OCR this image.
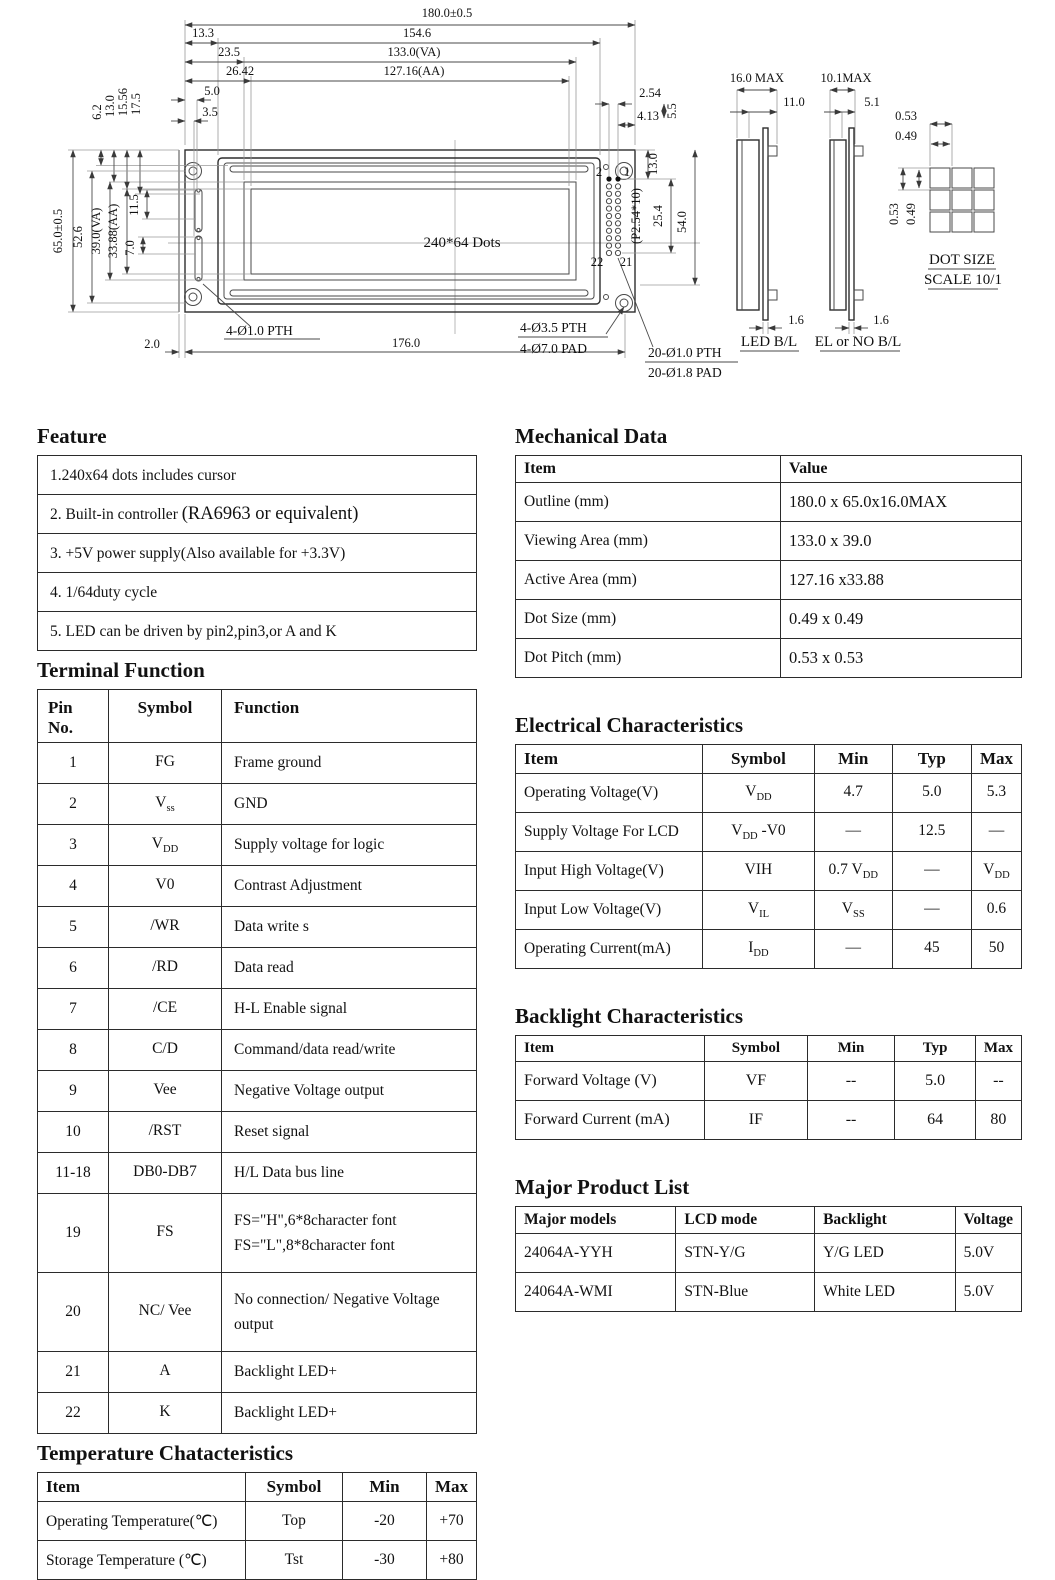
240*64 Dots
2 1
22 21
180.0±0.5
13.3	154.6
23.5	133.0(VA)
26.42	127.16(AA)
5.0
3.5
6.2 13.0 15.56 17.5
65.0±0.5 52.6 39.0(VA) 33.88(AA) 11.5
7.0
2.54
4.13 5.5
13.0
(P2.54*10) 25.4 54.0
2.0	176.0
4-Ø1.0 PTH	4-Ø3.5 PTH
4-Ø7.0 PAD	20-Ø1.0 PTH
20-Ø1.8 PAD
16.0 MAX
11.0
1.6
LED B/L
10.1MAX
5.1
1.6
EL or NO B/L
0.53
0.49
0.53 0.49
DOT SIZE
SCALE 10/1
Feature
1.240x64 dots includes cursor
2. Built-in controller (RA6963 or equivalent)
3. +5V power supply(Also available for +3.3V)
4. 1/64duty cycle
5. LED can be driven by pin2,pin3,or A and K
Terminal Function
Pin
No.	Symbol	Function
1	FG	Frame ground

2	$V_{ss}$	GND

3	$V_{DD}$	Supply voltage for logic

4	V0	Contrast Adjustment

5	/WR	Data write s

6	/RD	Data read

7	/CE	H-L Enable signal

8	C/D	Command/data read/write

9	Vee	Negative Voltage output

10	/RST	Reset signal

11-18	DB0-DB7	H/L Data bus line

19	FS	FS="H",6*8character font
FS="L",8*8character font

20	NC/ Vee	No connection/ Negative Voltage
output

21	A	Backlight LED+

22	K	Backlight LED+
Temperature Chatacteristics
Item	Symbol	Min	Max
Operating Temperature(℃)	Top	-20	+70
Storage Temperature (℃)	Tst	-30	+80
Mechanical Data
Item	Value
Outline (mm)	180.0 x 65.0x16.0MAX
Viewing Area (mm)	133.0 x 39.0
Active Area (mm)	127.16 x33.88
Dot Size (mm)	0.49 x 0.49
Dot Pitch (mm)	0.53 x 0.53
Electrical Characteristics
Item	Symbol	Min	Typ	Max
Operating Voltage(V)	$V_{DD}$	4.7	5.0	5.3
Supply Voltage For LCD	$V_{DD}$ -V0	—	12.5	—
Input High Voltage(V)	VIH	0.7 $V_{DD}$	—	$V_{DD}$
Input Low Voltage(V)	$V_{IL}$	$V_{SS}$	—	0.6
Operating Current(mA)	$I_{DD}$	—	45	50
Backlight Characteristics
Item	Symbol	Min	Typ	Max
Forward Voltage (V)	VF	--	5.0	--
Forward Current (mA)	IF	--	64	80
Major Product List
Major models	LCD mode	Backlight	Voltage
24064A-YYH	STN-Y/G	Y/G LED	5.0V
24064A-WMI	STN-Blue	White LED	5.0V
